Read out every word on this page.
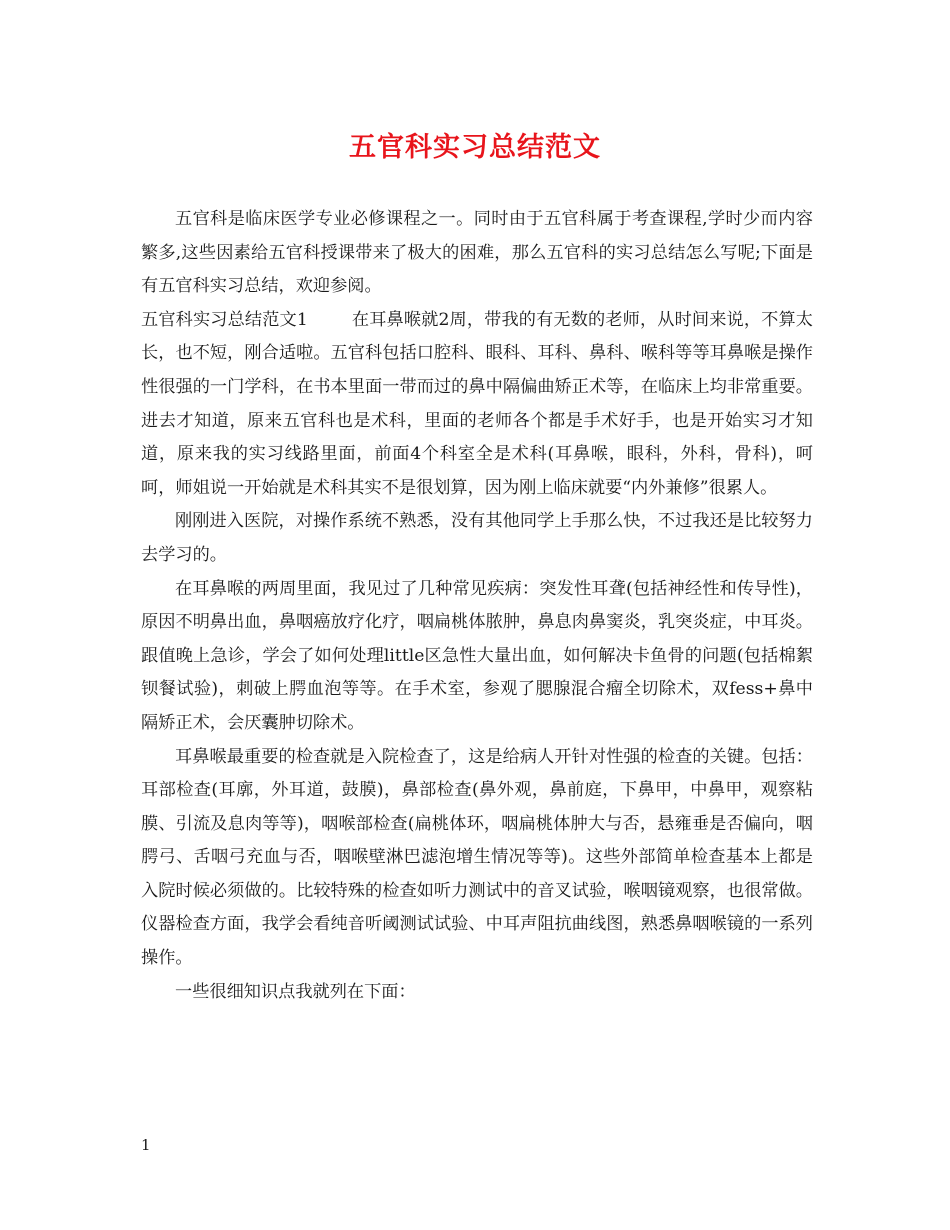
五官科实习总结范文

五官科是临床医学专业必修课程之一。同时由于五官科属于考查课程,学时少而内容繁多,这些因素给五官科授课带来了极大的困难，那么五官科的实习总结怎么写呢;下面是有五官科实习总结，欢迎参阅。

五官科实习总结范文1	在耳鼻喉就2周，带我的有无数的老师，从时间来说，不算太长，也不短，刚合适啦。五官科包括口腔科、眼科、耳科、鼻科、喉科等等耳鼻喉是操作性很强的一门学科，在书本里面一带而过的鼻中隔偏曲矫正术等，在临床上均非常重要。进去才知道，原来五官科也是术科，里面的老师各个都是手术好手，也是开始实习才知道，原来我的实习线路里面，前面4个科室全是术科(耳鼻喉，眼科，外科，骨科)，呵呵，师姐说一开始就是术科其实不是很划算，因为刚上临床就要“内外兼修”很累人。

刚刚进入医院，对操作系统不熟悉，没有其他同学上手那么快，不过我还是比较努力去学习的。

在耳鼻喉的两周里面，我见过了几种常见疾病：突发性耳聋(包括神经性和传导性)，原因不明鼻出血，鼻咽癌放疗化疗，咽扁桃体脓肿，鼻息肉鼻窦炎，乳突炎症，中耳炎。跟值晚上急诊，学会了如何处理little区急性大量出血，如何解决卡鱼骨的问题(包括棉絮钡餐试验)，刺破上腭血泡等等。在手术室，参观了腮腺混合瘤全切除术，双fess+鼻中隔矫正术，会厌囊肿切除术。

耳鼻喉最重要的检查就是入院检查了，这是给病人开针对性强的检查的关键。包括：耳部检查(耳廓，外耳道，鼓膜)，鼻部检查(鼻外观，鼻前庭，下鼻甲，中鼻甲，观察粘膜、引流及息肉等等)，咽喉部检查(扁桃体环，咽扁桃体肿大与否，悬雍垂是否偏向，咽腭弓、舌咽弓充血与否，咽喉壁淋巴滤泡增生情况等等)。这些外部简单检查基本上都是入院时候必须做的。比较特殊的检查如听力测试中的音叉试验，喉咽镜观察，也很常做。仪器检查方面，我学会看纯音听阈测试试验、中耳声阻抗曲线图，熟悉鼻咽喉镜的一系列操作。

一些很细知识点我就列在下面：

1
